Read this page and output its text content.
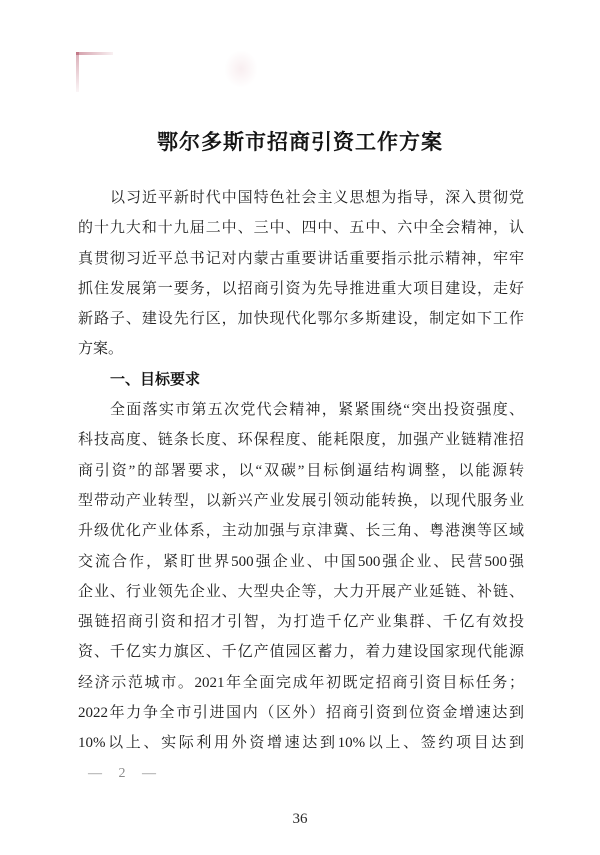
鄂尔多斯市招商引资工作方案
以习近平新时代中国特色社会主义思想为指导，深入贯彻党
的十九大和十九届二中、三中、四中、五中、六中全会精神，认
真贯彻习近平总书记对内蒙古重要讲话重要指示批示精神，牢牢
抓住发展第一要务，以招商引资为先导推进重大项目建设，走好
新路子、建设先行区，加快现代化鄂尔多斯建设，制定如下工作
方案。
一、目标要求
全面落实市第五次党代会精神，紧紧围绕“突出投资强度、
科技高度、链条长度、环保程度、能耗限度，加强产业链精准招
商引资”的部署要求，以“双碳”目标倒逼结构调整，以能源转
型带动产业转型，以新兴产业发展引领动能转换，以现代服务业
升级优化产业体系，主动加强与京津冀、长三角、粤港澳等区域
交流合作，紧盯世界500强企业、中国500强企业、民营500强
企业、行业领先企业、大型央企等，大力开展产业延链、补链、
强链招商引资和招才引智，为打造千亿产业集群、千亿有效投
资、千亿实力旗区、千亿产值园区蓄力，着力建设国家现代能源
经济示范城市。2021年全面完成年初既定招商引资目标任务；
2022年力争全市引进国内（区外）招商引资到位资金增速达到
10%以上、实际利用外资增速达到10%以上、签约项目达到
— 2 —
36
